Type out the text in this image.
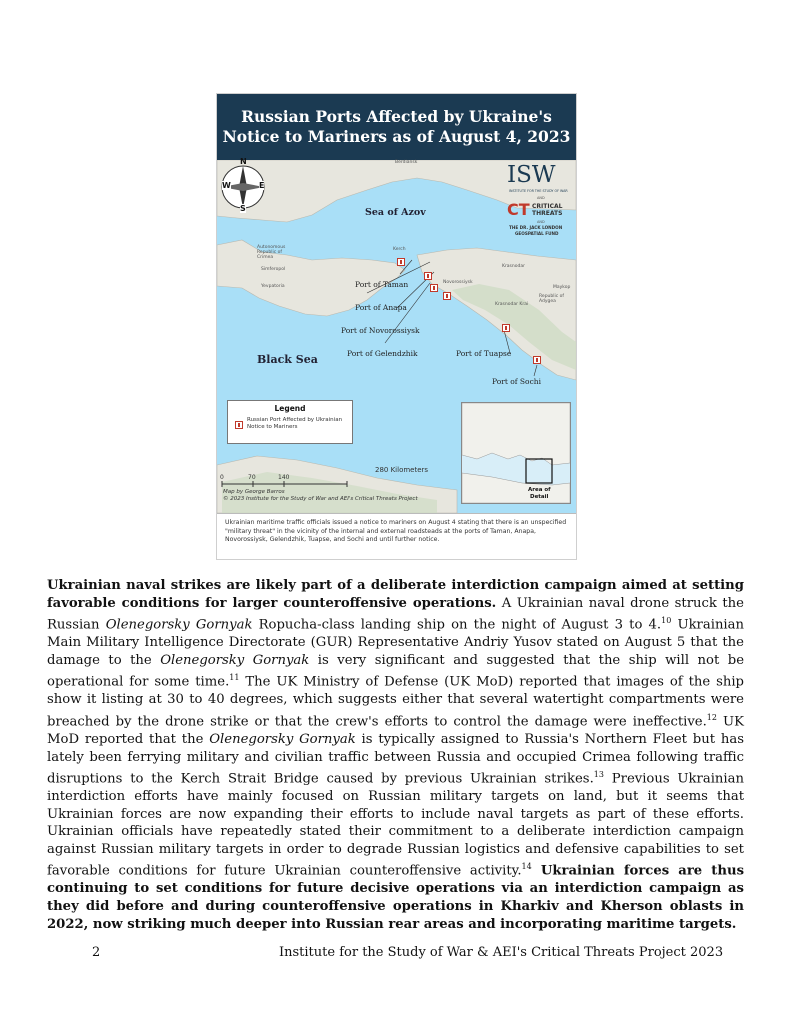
Russian Ports Affected by Ukraine's
Notice to Mariners as of August 4, 2023
N
W	E
S
ISW
INSTITUTE FOR THE STUDY OF WAR
AND
CT CRITICAL
THREATS
AND
THE DR. JACK LONDON
GEOSPATIAL FUND
Sea of Azov
Black Sea
Berdiansk
Kerch
Yevpatoria
Autonomous Republic of Crimea
Simferopol
Krasnodar
Krasnodar Krai
Maykop
Republic of Adygea
Novorossiysk
Port of Taman
Port of Anapa
Port of Novorossiysk
Port of Gelendzhik	Port of Tuapse
Port of Sochi
Legend
Russian Port Affected by Ukrainian Notice to Mariners
Area of
Detail
0	70	140
280 Kilometers
Map by George Barros
© 2023 Institute for the Study of War and AEI's Critical Threats Project
Ukrainian maritime traffic officials issued a notice to mariners on August 4 stating that there is an unspecified "military threat" in the vicinity of the internal and external roadsteads at the ports of Taman, Anapa, Novorossiysk, Gelendzhik, Tuapse, and Sochi and until further notice.

Ukrainian naval strikes are likely part of a deliberate interdiction campaign aimed at setting favorable conditions for larger counteroffensive operations. A Ukrainian naval drone struck the Russian Olenegorsky Gornyak Ropucha-class landing ship on the night of August 3 to 4.10 Ukrainian Main Military Intelligence Directorate (GUR) Representative Andriy Yusov stated on August 5 that the damage to the Olenegorsky Gornyak is very significant and suggested that the ship will not be operational for some time.$^{11}$ The UK Ministry of Defense (UK MoD) reported that images of the ship show it listing at 30 to 40 degrees, which suggests either that several watertight compartments were breached by the drone strike or that the crew's efforts to control the damage were ineffective.$^{12}$ UK MoD reported that the Olenegorsky Gornyak is typically assigned to Russia's Northern Fleet but has lately been ferrying military and civilian traffic between Russia and occupied Crimea following traffic disruptions to the Kerch Strait Bridge caused by previous Ukrainian strikes.$^{13}$ Previous Ukrainian interdiction efforts have mainly focused on Russian military targets on land, but it seems that Ukrainian forces are now expanding their efforts to include naval targets as part of these efforts. Ukrainian officials have repeatedly stated their commitment to a deliberate interdiction campaign against Russian military targets in order to degrade Russian logistics and defensive capabilities to set favorable conditions for future Ukrainian counteroffensive activity.$^{14}$ Ukrainian forces are thus continuing to set conditions for future decisive operations via an interdiction campaign as they did before and during counteroffensive operations in Kharkiv and Kherson oblasts in 2022, now striking much deeper into Russian rear areas and incorporating maritime targets.

2	Institute for the Study of War & AEI's Critical Threats Project 2023
